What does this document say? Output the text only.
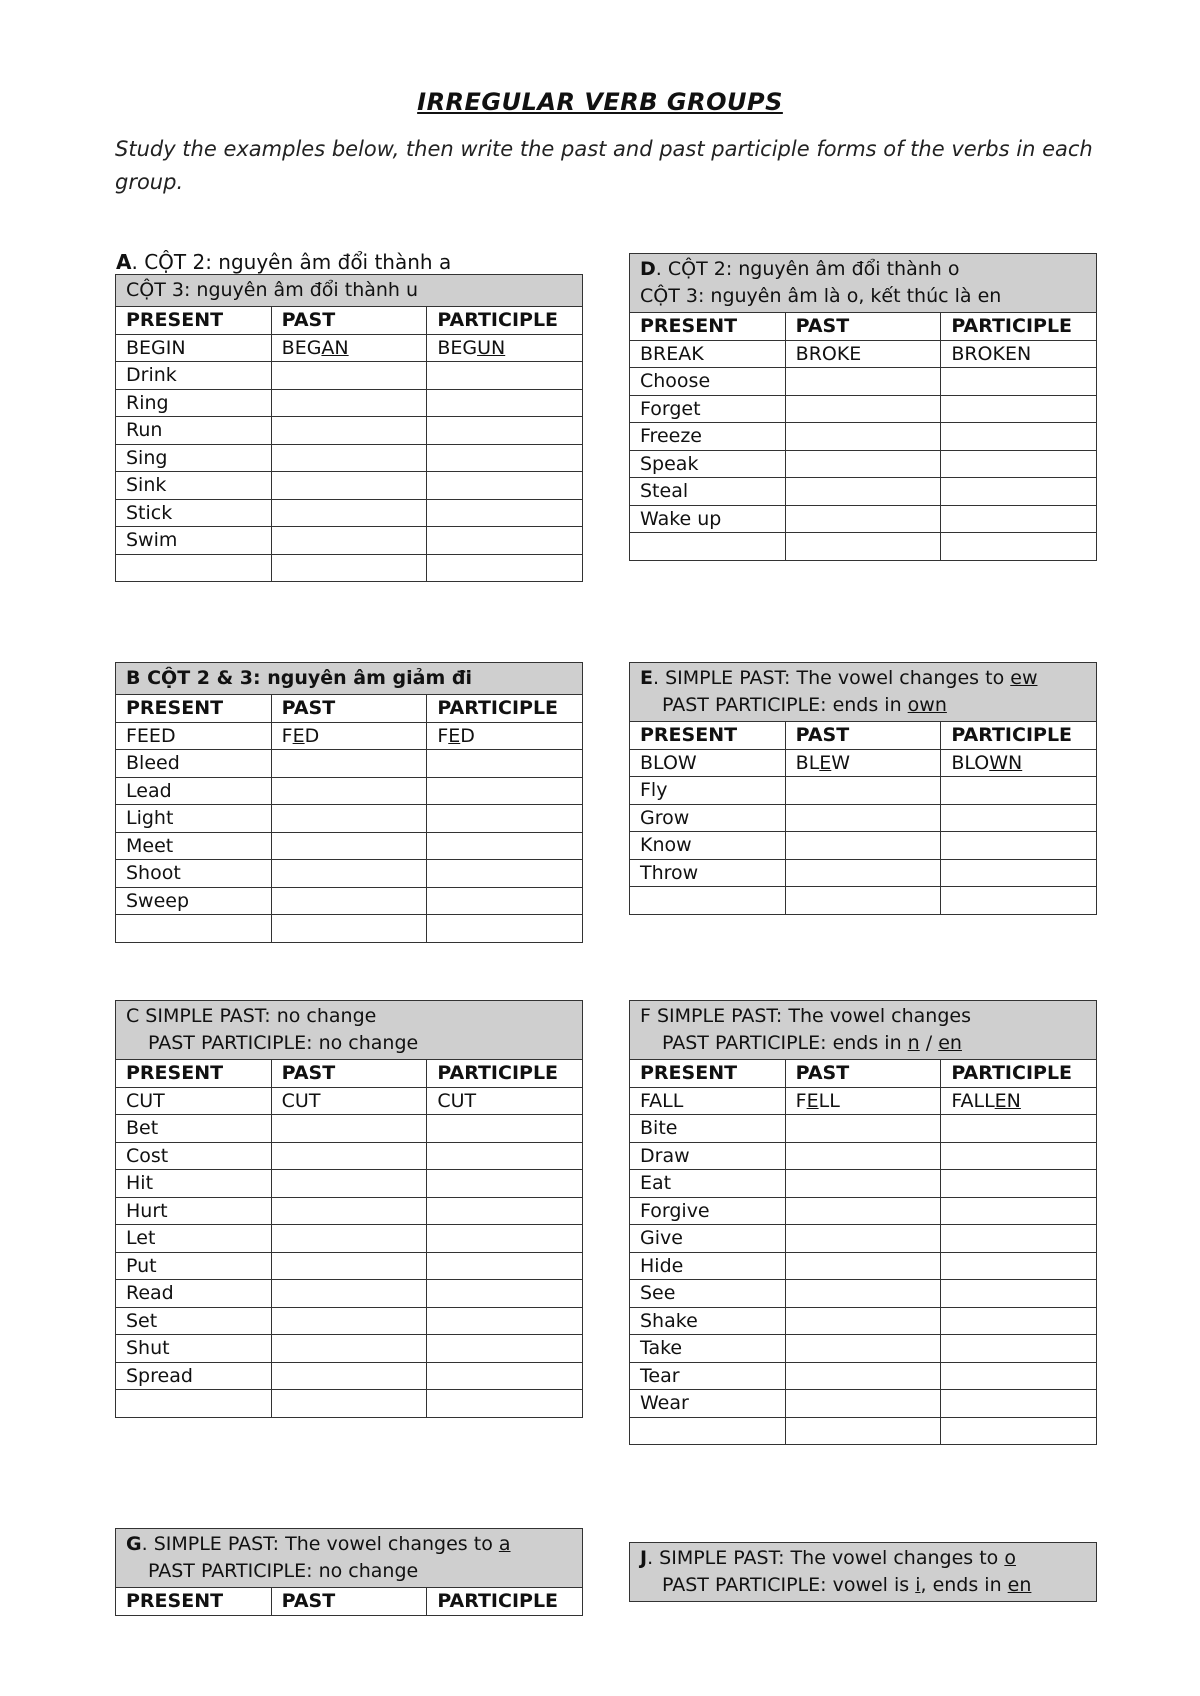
IRREGULAR VERB GROUPS
Study the examples below, then write the past and past participle forms of the verbs in each group.
A. CỘT 2: nguyên âm đổi thành a
CỘT 3: nguyên âm đổi thành u		
PRESENT	PAST	PARTICIPLE
BEGIN	BEGAN	BEGUN
Drink		
Ring		
Run		
Sing		
Sink		
Stick		
Swim		

D. CỘT 2: nguyên âm đổi thành o
CỘT 3: nguyên âm là o, kết thúc là en		

PRESENT	PAST	PARTICIPLE
BREAK	BROKE	BROKEN
Choose		
Forget		
Freeze		
Speak		
Steal		
Wake up		

B CỘT 2 & 3: nguyên âm giảm đi		
PRESENT	PAST	PARTICIPLE
FEED	FED	FED
Bleed		
Lead		
Light		
Meet		
Shoot		
Sweep		

E. SIMPLE PAST: The vowel changes to ew
PAST PARTICIPLE: ends in own		

PRESENT	PAST	PARTICIPLE
BLOW	BLEW	BLOWN
Fly		
Grow		
Know		
Throw		

C SIMPLE PAST: no change
PAST PARTICIPLE: no change		

PRESENT	PAST	PARTICIPLE
CUT	CUT	CUT
Bet		
Cost		
Hit		
Hurt		
Let		
Put		
Read		
Set		
Shut		
Spread		

F SIMPLE PAST: The vowel changes
PAST PARTICIPLE: ends in n / en		

PRESENT	PAST	PARTICIPLE
FALL	FELL	FALLEN
Bite		
Draw		
Eat		
Forgive		
Give		
Hide		
See		
Shake		
Take		
Tear		
Wear		

G. SIMPLE PAST: The vowel changes to a
PAST PARTICIPLE: no change

PRESENT	PAST	PARTICIPLE
J. SIMPLE PAST: The vowel changes to o
PAST PARTICIPLE: vowel is i, ends in en
